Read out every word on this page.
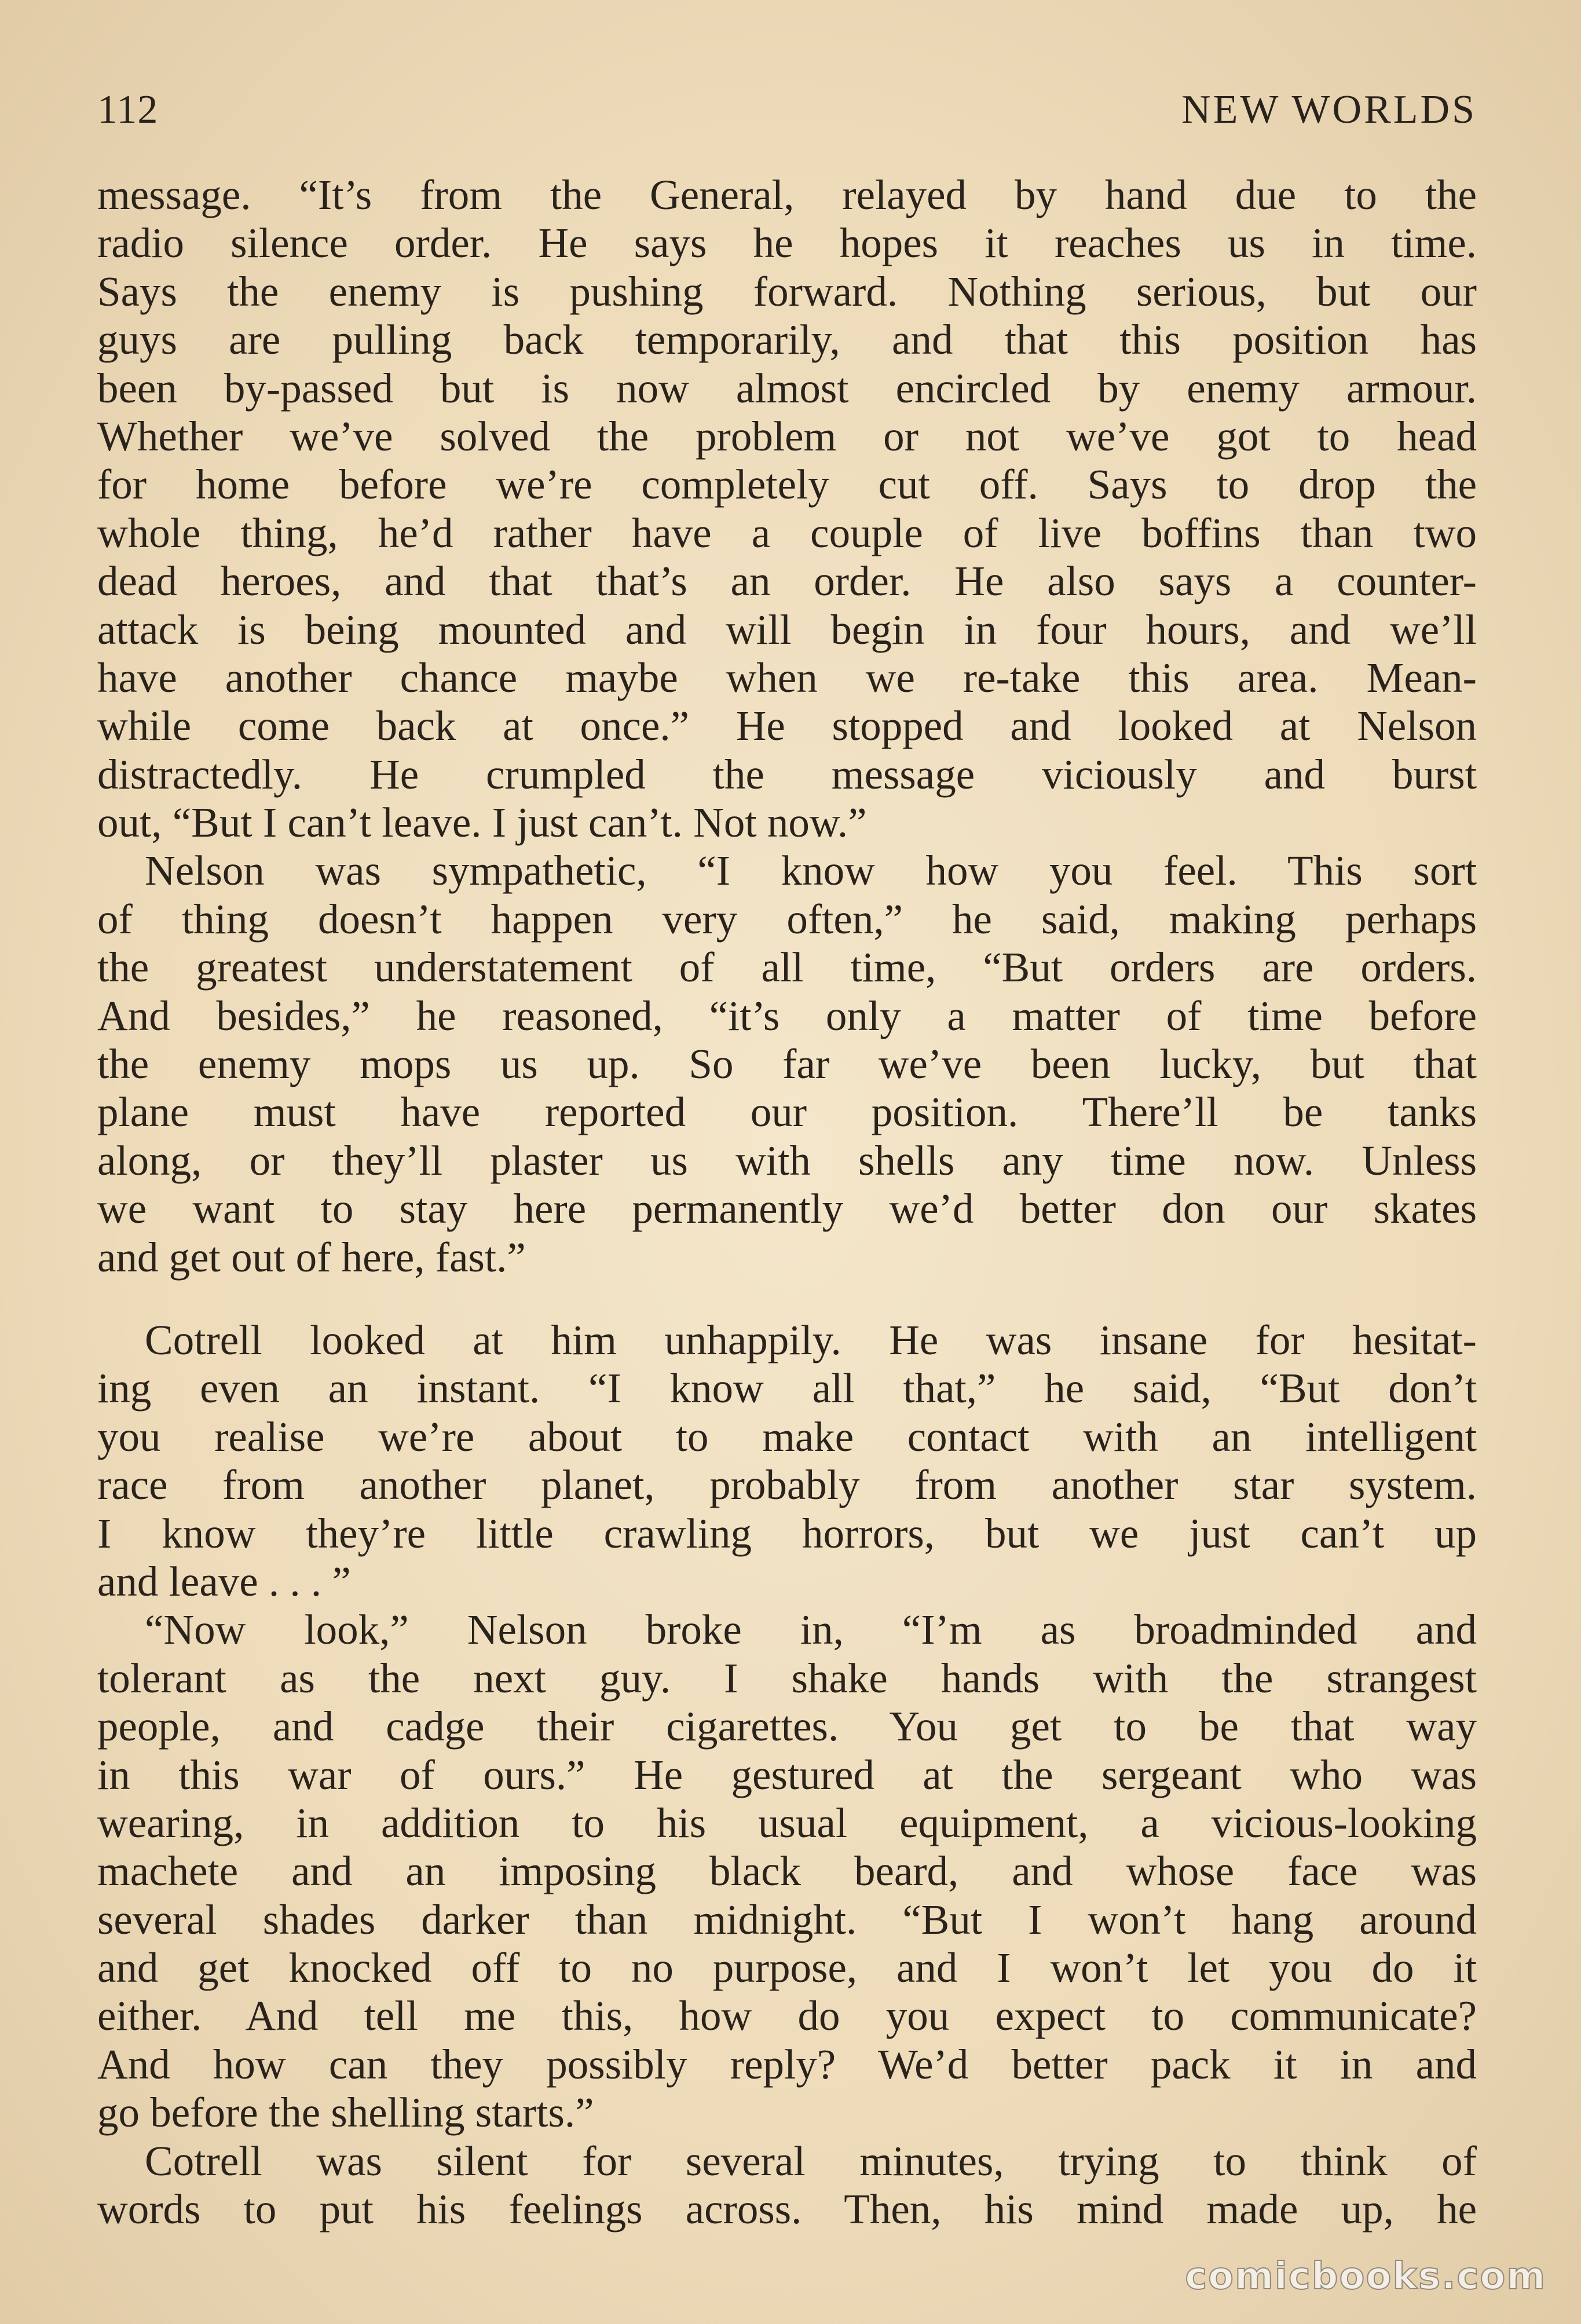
112	NEW WORLDS
message. “It’s from the General, relayed by hand due to the
radio silence order. He says he hopes it reaches us in time.
Says the enemy is pushing forward. Nothing serious, but our
guys are pulling back temporarily, and that this position has
been by-passed but is now almost encircled by enemy armour.
Whether we’ve solved the problem or not we’ve got to head
for home before we’re completely cut off. Says to drop the
whole thing, he’d rather have a couple of live boffins than two
dead heroes, and that that’s an order. He also says a counter-
attack is being mounted and will begin in four hours, and we’ll
have another chance maybe when we re-take this area. Mean-
while come back at once.” He stopped and looked at Nelson
distractedly. He crumpled the message viciously and burst
out, “But I can’t leave. I just can’t. Not now.”
Nelson was sympathetic, “I know how you feel. This sort
of thing doesn’t happen very often,” he said, making perhaps
the greatest understatement of all time, “But orders are orders.
And besides,” he reasoned, “it’s only a matter of time before
the enemy mops us up. So far we’ve been lucky, but that
plane must have reported our position. There’ll be tanks
along, or they’ll plaster us with shells any time now. Unless
we want to stay here permanently we’d better don our skates
and get out of here, fast.”
Cotrell looked at him unhappily. He was insane for hesitat-
ing even an instant. “I know all that,” he said, “But don’t
you realise we’re about to make contact with an intelligent
race from another planet, probably from another star system.
I know they’re little crawling horrors, but we just can’t up
and leave . . . ”
“Now look,” Nelson broke in, “I’m as broadminded and
tolerant as the next guy. I shake hands with the strangest
people, and cadge their cigarettes. You get to be that way
in this war of ours.” He gestured at the sergeant who was
wearing, in addition to his usual equipment, a vicious-looking
machete and an imposing black beard, and whose face was
several shades darker than midnight. “But I won’t hang around
and get knocked off to no purpose, and I won’t let you do it
either. And tell me this, how do you expect to communicate?
And how can they possibly reply? We’d better pack it in and
go before the shelling starts.”
Cotrell was silent for several minutes, trying to think of
words to put his feelings across. Then, his mind made up, he
comicbooks.com
